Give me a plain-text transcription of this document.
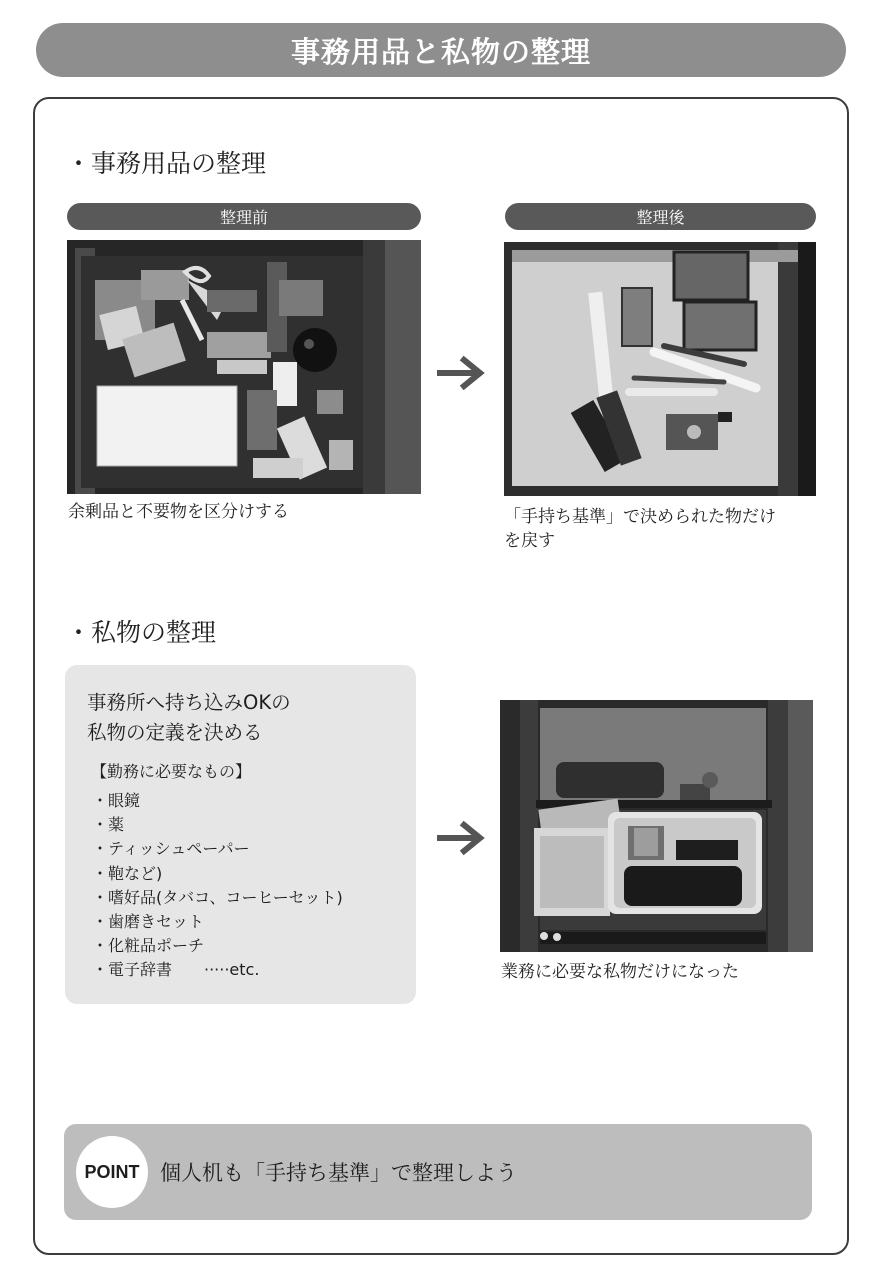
事務用品と私物の整理
・事務用品の整理
整理前	整理後
余剰品と不要物を区分けする	「手持ち基準」で決められた物だけ
を戻す
・私物の整理
事務所へ持ち込みOKの
私物の定義を決める
【勤務に必要なもの】
・眼鏡
・薬
・ティッシュペーパー
・鞄など)
・嗜好品(タバコ、コーヒーセット)
・歯磨きセット
・化粧品ポーチ
・電子辞書　　·····etc.	業務に必要な私物だけになった
POINT 個人机も「手持ち基準」で整理しよう
